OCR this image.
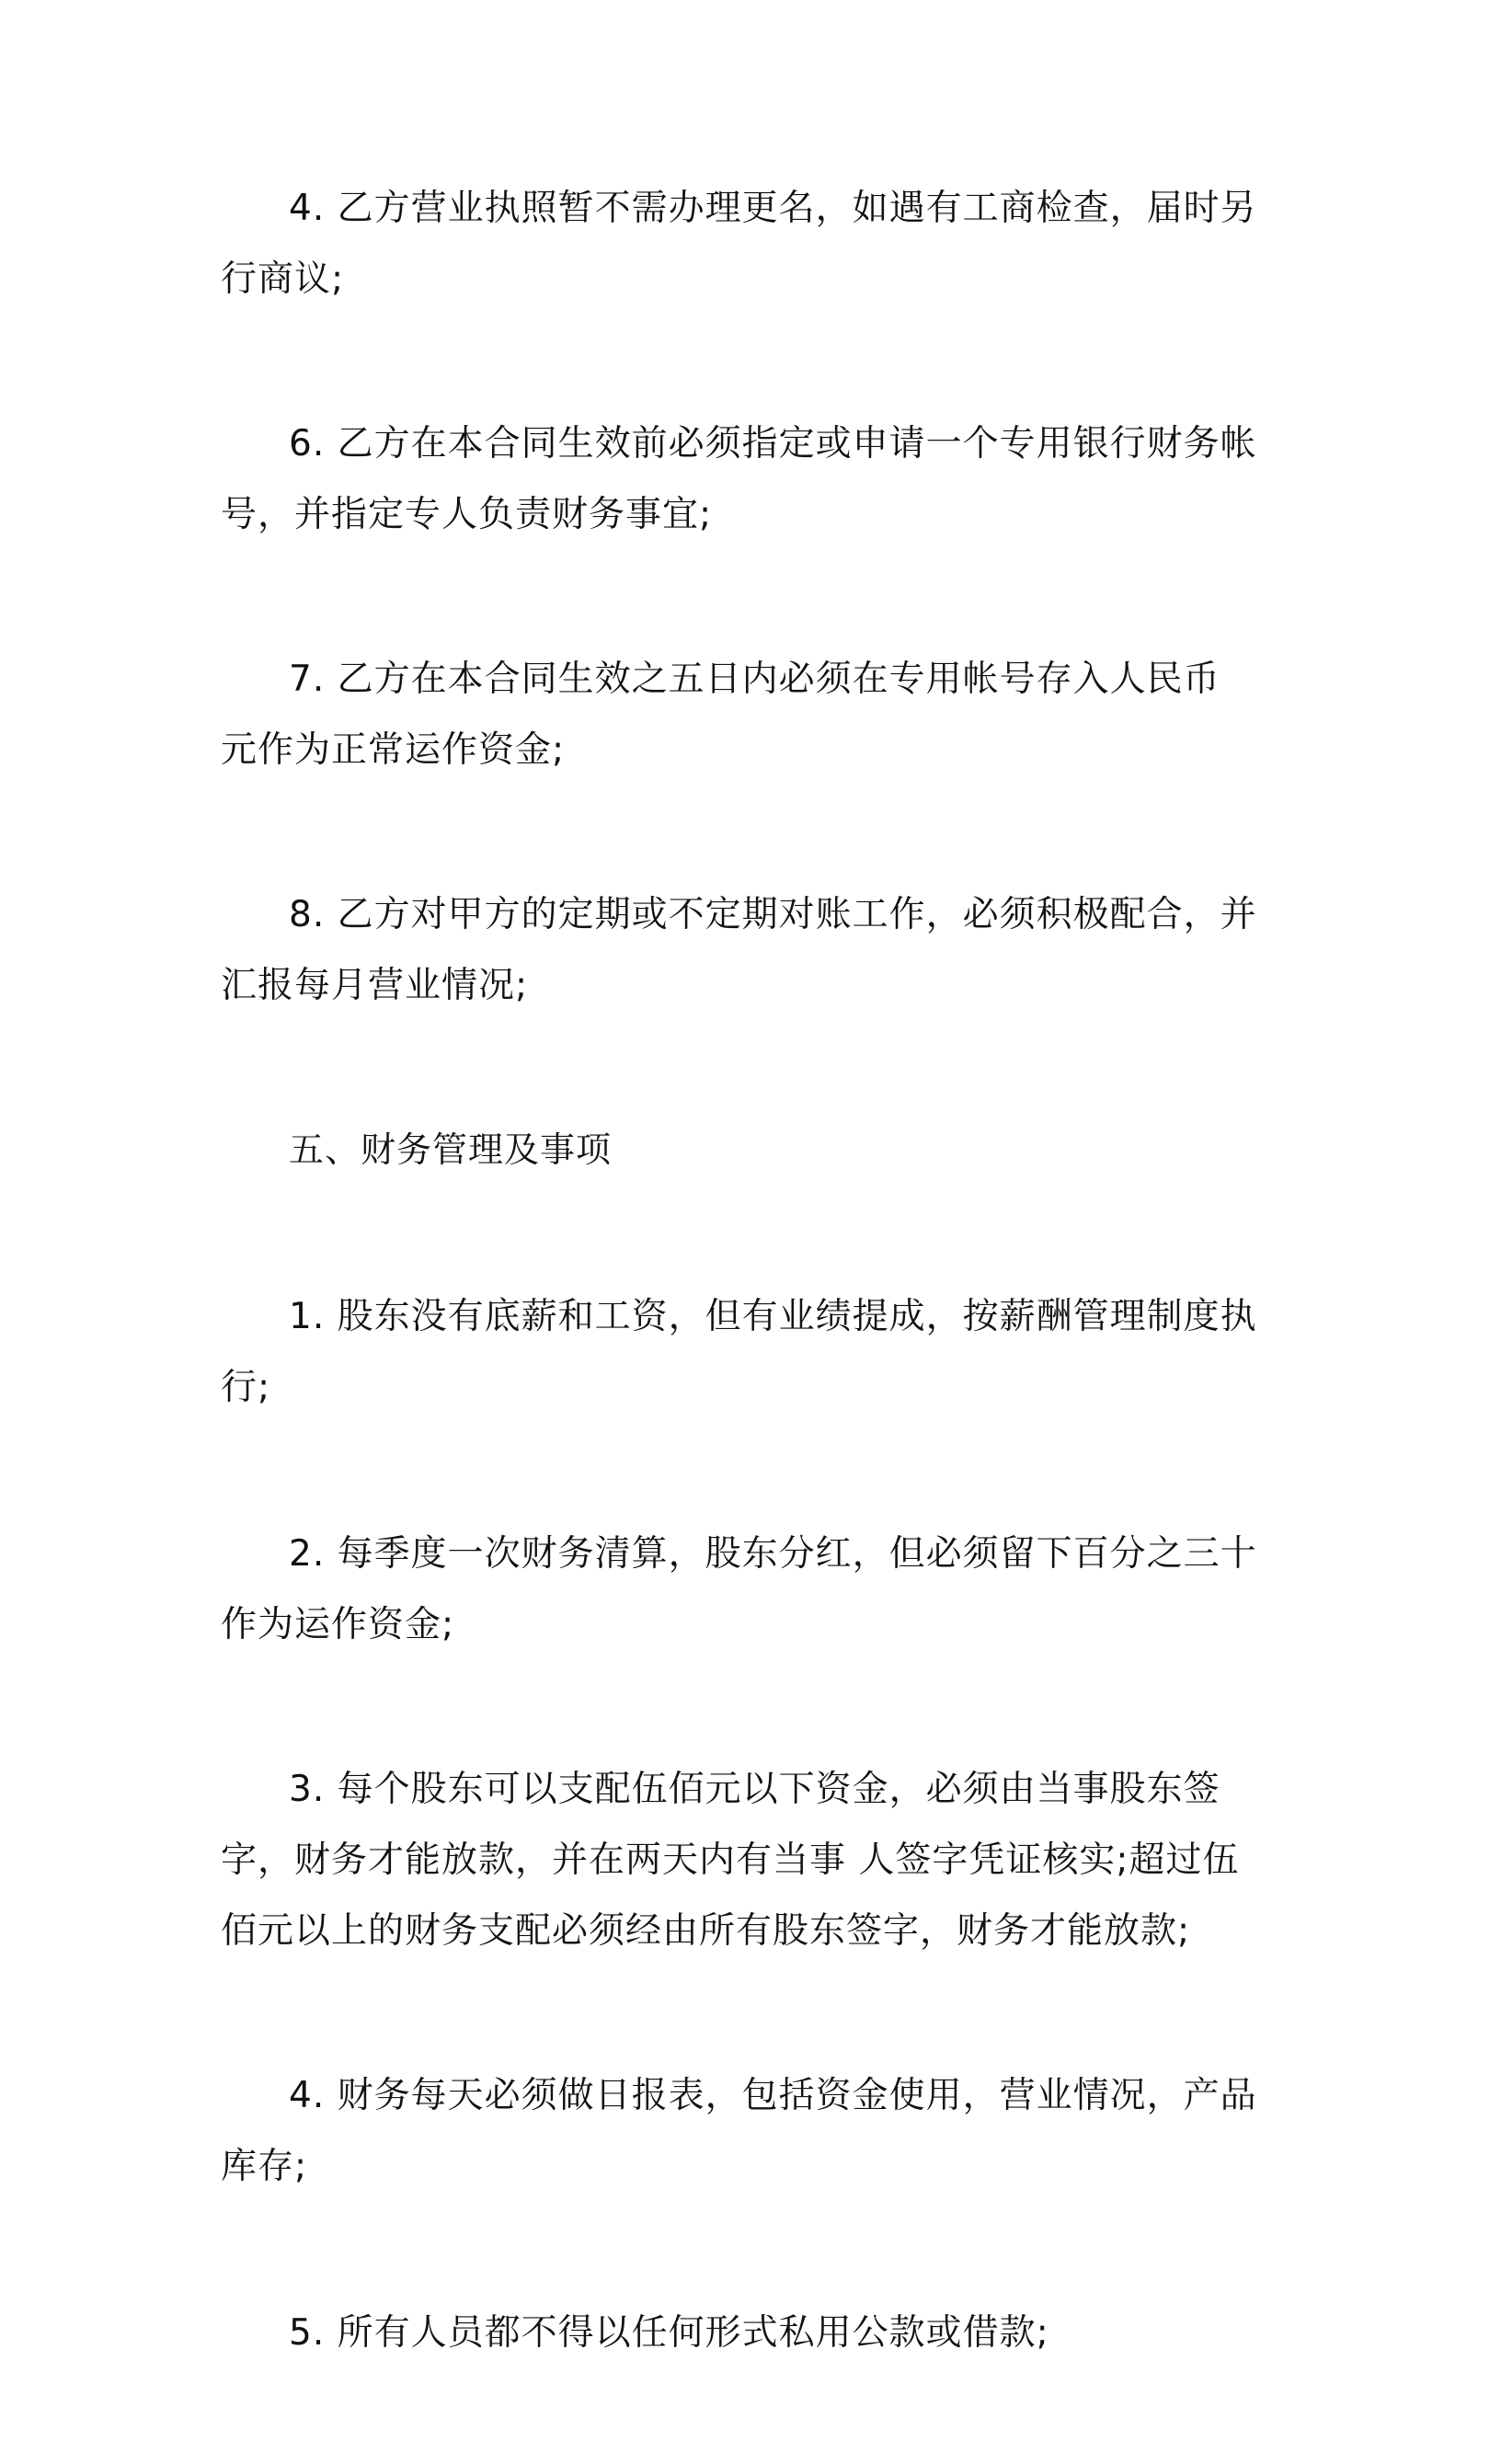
4. 乙方营业执照暂不需办理更名，如遇有工商检查，届时另行商议;

6. 乙方在本合同生效前必须指定或申请一个专用银行财务帐号，并指定专人负责财务事宜;

7. 乙方在本合同生效之五日内必须在专用帐号存入人民币 元作为正常运作资金;

8. 乙方对甲方的定期或不定期对账工作，必须积极配合，并汇报每月营业情况;

五、财务管理及事项

1. 股东没有底薪和工资，但有业绩提成，按薪酬管理制度执行;

2. 每季度一次财务清算，股东分红，但必须留下百分之三十作为运作资金;

3. 每个股东可以支配伍佰元以下资金，必须由当事股东签字，财务才能放款，并在两天内有当事 人签字凭证核实;超过伍佰元以上的财务支配必须经由所有股东签字，财务才能放款;

4. 财务每天必须做日报表，包括资金使用，营业情况，产品库存;

5. 所有人员都不得以任何形式私用公款或借款;
